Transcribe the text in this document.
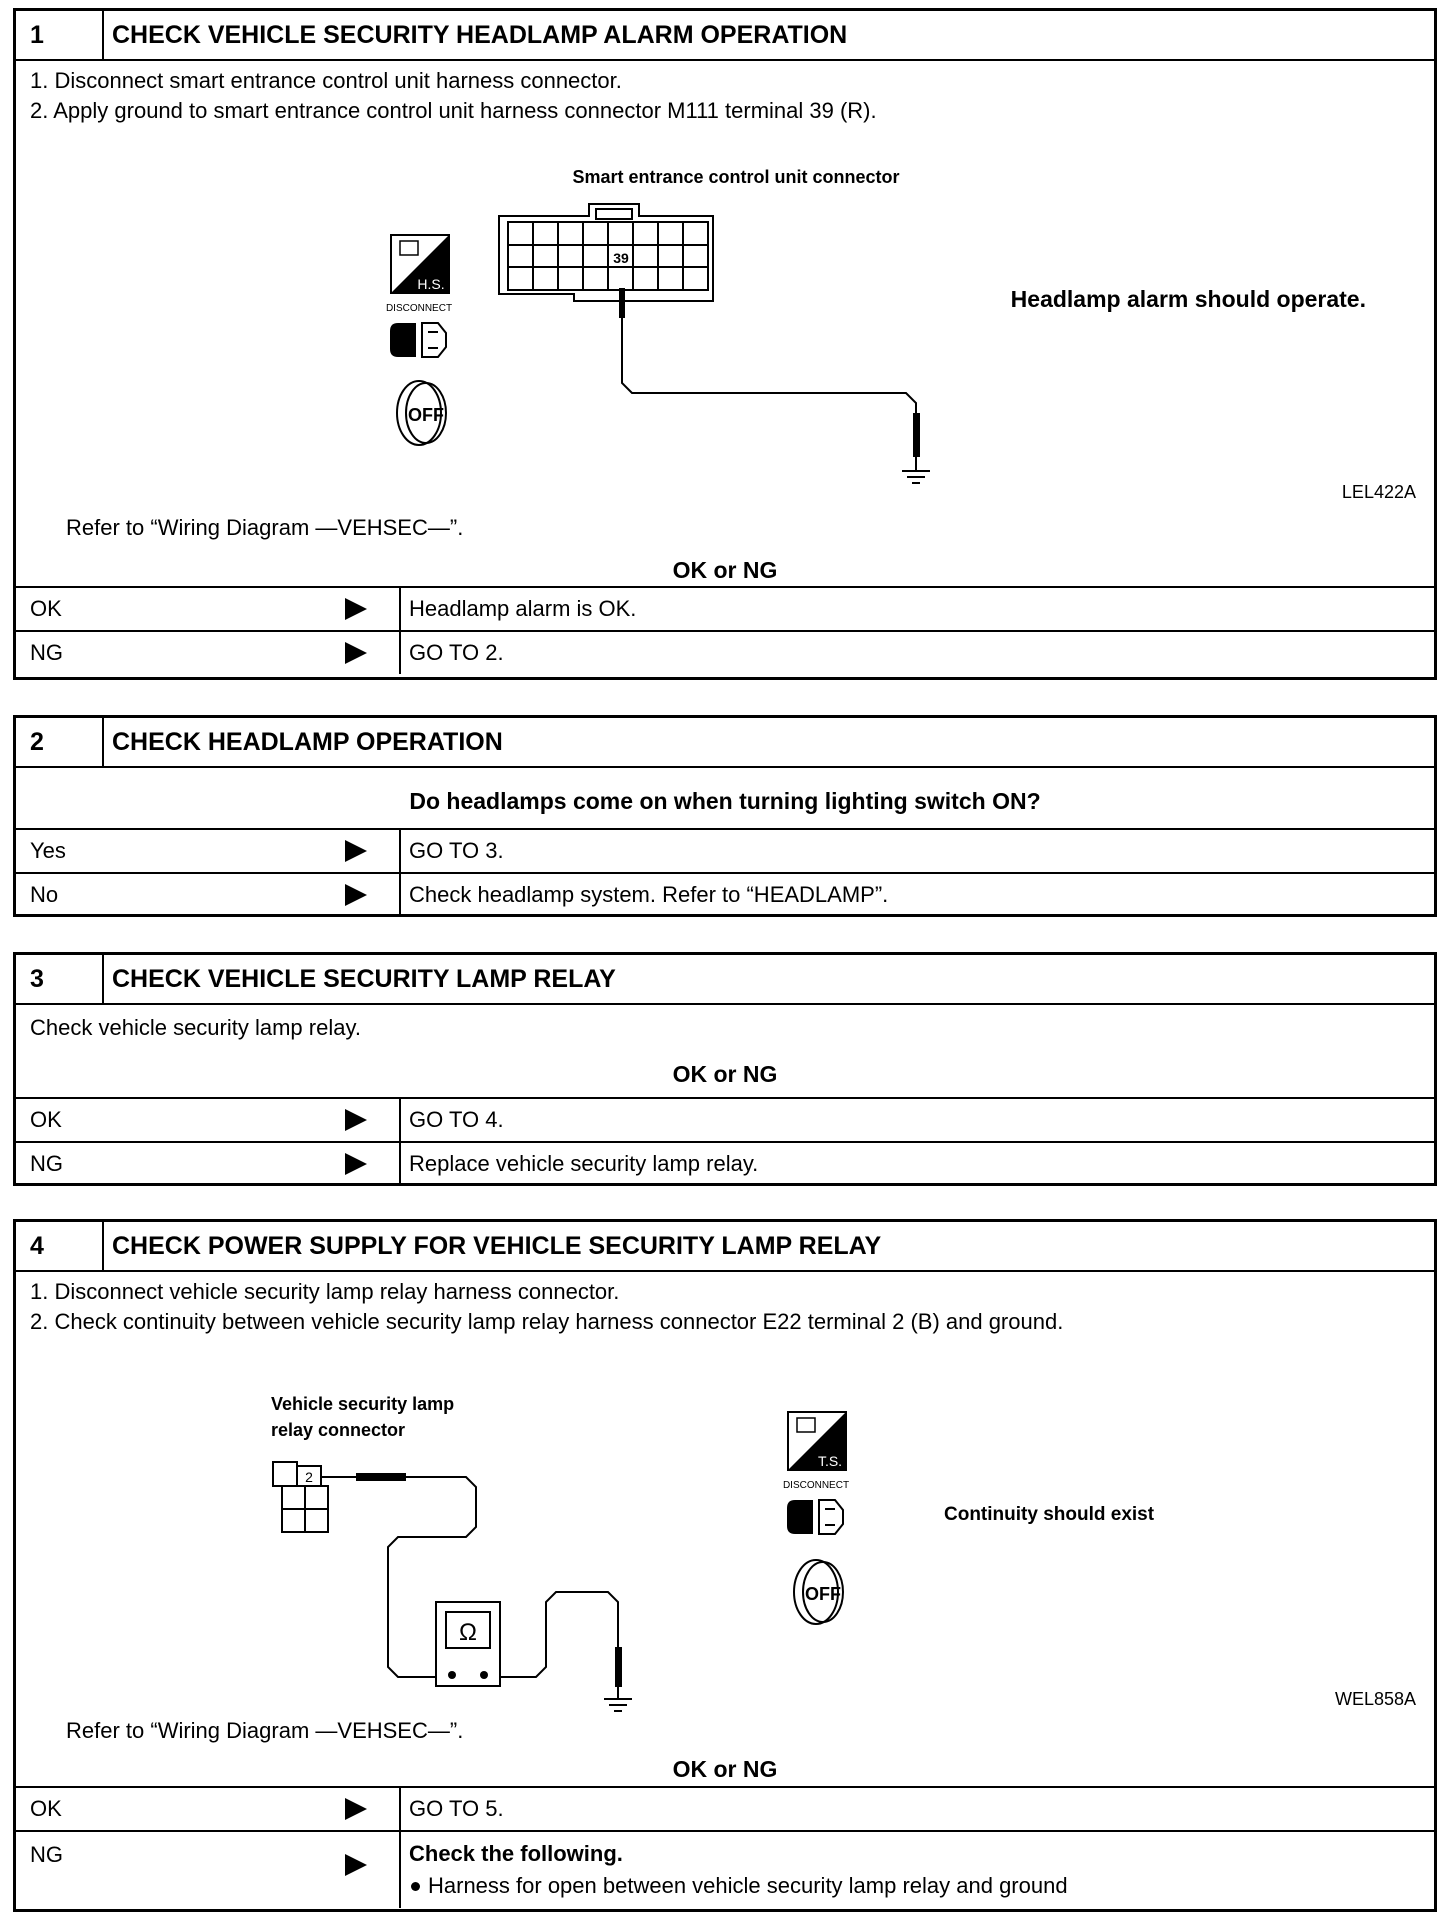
1	CHECK VEHICLE SECURITY HEADLAMP ALARM OPERATION
1. Disconnect smart entrance control unit harness connector.
2. Apply ground to smart entrance control unit harness connector M111 terminal 39 (R).
Smart entrance control unit connector
39
H.S.
DISCONNECT
OFF
Headlamp alarm should operate.
LEL422A
Refer to “Wiring Diagram —VEHSEC—”.
OK or NG
OK	Headlamp alarm is OK.
NG	GO TO 2.
2	CHECK HEADLAMP OPERATION
Do headlamps come on when turning lighting switch ON?
Yes	GO TO 3.
No	Check headlamp system. Refer to “HEADLAMP”.
3	CHECK VEHICLE SECURITY LAMP RELAY
Check vehicle security lamp relay.
OK or NG
OK	GO TO 4.
NG	Replace vehicle security lamp relay.
4	CHECK POWER SUPPLY FOR VEHICLE SECURITY LAMP RELAY
1. Disconnect vehicle security lamp relay harness connector.
2. Check continuity between vehicle security lamp relay harness connector E22 terminal 2 (B) and ground.
Vehicle security lamp
relay connector
2
Ω
T.S.
DISCONNECT
OFF
Continuity should exist
WEL858A
Refer to “Wiring Diagram —VEHSEC—”.
OK or NG
OK	GO TO 5.
NG	Check the following.
Harness for open between vehicle security lamp relay and ground
